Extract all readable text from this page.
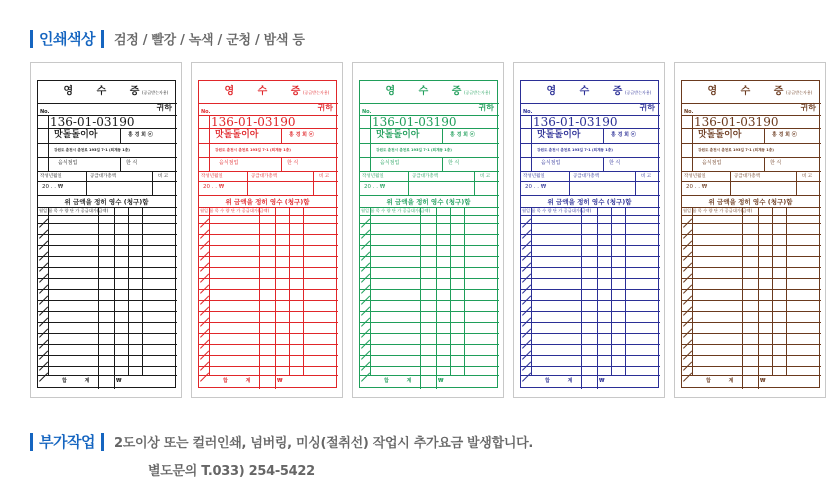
인쇄색상 검정 / 빨강 / 녹색 / 군청 / 밤색 등
영 수 증
(공급받는자용)
No.	귀하
136-01-03190
맛돌돌이아	홍 경 희 ⓔ
강원도 춘천시 춘천로 193길 7-1 (퇴계동 1층)
음식점업	한 식
작성년월일	공급대가총액	비 고
20 . . ₩
위 금액을 정히 영수 (청구)함
월일 품 목 수 량 단 가 공급대가(금액)
합 계	₩
영 수 증
(공급받는자용)
No.	귀하
136-01-03190
맛돌돌이아	홍 경 희 ⓔ
강원도 춘천시 춘천로 193길 7-1 (퇴계동 1층)
음식점업	한 식
작성년월일	공급대가총액	비 고
20 . . ₩
위 금액을 정히 영수 (청구)함
월일 품 목 수 량 단 가 공급대가(금액)
합 계	₩
영 수 증
(공급받는자용)
No.	귀하
136-01-03190
맛돌돌이아	홍 경 희 ⓔ
강원도 춘천시 춘천로 193길 7-1 (퇴계동 1층)
음식점업	한 식
작성년월일	공급대가총액	비 고
20 . . ₩
위 금액을 정히 영수 (청구)함
월일 품 목 수 량 단 가 공급대가(금액)
합 계	₩
영 수 증
(공급받는자용)
No.	귀하
136-01-03190
맛돌돌이아	홍 경 희 ⓔ
강원도 춘천시 춘천로 193길 7-1 (퇴계동 1층)
음식점업	한 식
작성년월일	공급대가총액	비 고
20 . . ₩
위 금액을 정히 영수 (청구)함
월일 품 목 수 량 단 가 공급대가(금액)
합 계	₩
영 수 증
(공급받는자용)
No.	귀하
136-01-03190
맛돌돌이아	홍 경 희 ⓔ
강원도 춘천시 춘천로 193길 7-1 (퇴계동 1층)
음식점업	한 식
작성년월일	공급대가총액	비 고
20 . . ₩
위 금액을 정히 영수 (청구)함
월일 품 목 수 량 단 가 공급대가(금액)
합 계	₩
부가작업 2도이상 또는 컬러인쇄, 넘버링, 미싱(절취선) 작업시 추가요금 발생합니다.
별도문의 T.033) 254-5422
